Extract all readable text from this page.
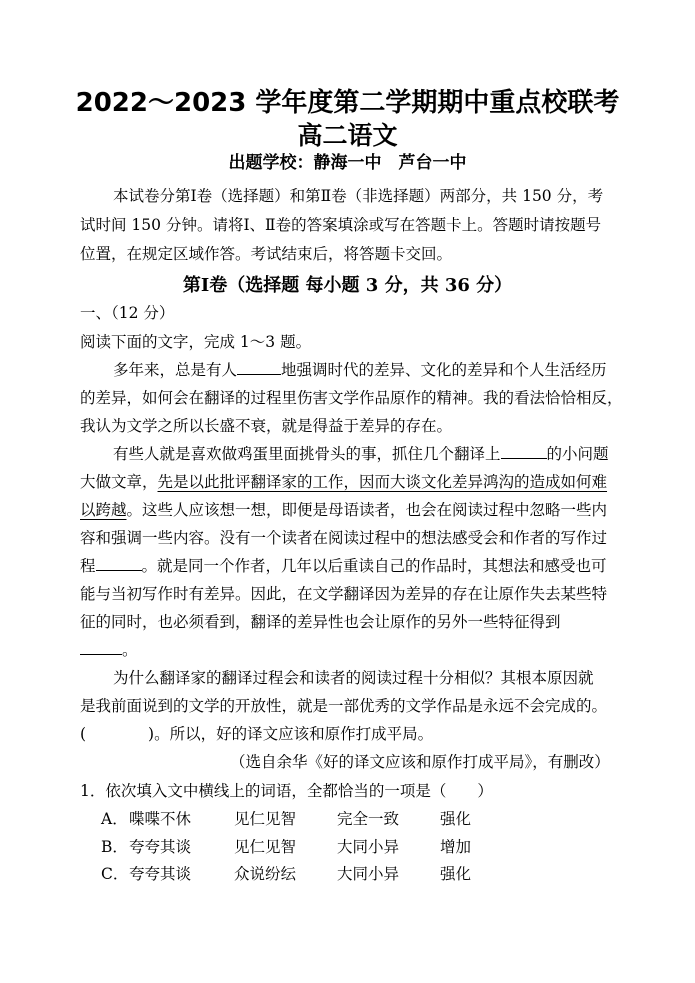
2022～2023 学年度第二学期期中重点校联考
高二语文
出题学校：静海一中　芦台一中
本试卷分第Ⅰ卷（选择题）和第Ⅱ卷（非选择题）两部分，共 150 分，考
试时间 150 分钟。请将Ⅰ、Ⅱ卷的答案填涂或写在答题卡上。答题时请按题号
位置，在规定区域作答。考试结束后，将答题卡交回。
第Ⅰ卷（选择题 每小题 3 分，共 36 分）
一、（12 分）
阅读下面的文字，完成 1～3 题。
多年来，总是有人	地强调时代的差异、文化的差异和个人生活经历
的差异，如何会在翻译的过程里伤害文学作品原作的精神。我的看法恰恰相反，
我认为文学之所以长盛不衰，就是得益于差异的存在。
有些人就是喜欢做鸡蛋里面挑骨头的事，抓住几个翻译上	的小问题
大做文章，先是以此批评翻译家的工作，因而大谈文化差异鸿沟的造成如何难
以跨越。这些人应该想一想，即便是母语读者，也会在阅读过程中忽略一些内
容和强调一些内容。没有一个读者在阅读过程中的想法感受会和作者的写作过
程	。就是同一个作者，几年以后重读自己的作品时，其想法和感受也可
能与当初写作时有差异。因此，在文学翻译因为差异的存在让原作失去某些特
征的同时，也必须看到，翻译的差异性也会让原作的另外一些特征得到
。
为什么翻译家的翻译过程会和读者的阅读过程十分相似？其根本原因就
是我前面说到的文学的开放性，就是一部优秀的文学作品是永远不会完成的。
(　　　　)。所以，好的译文应该和原作打成平局。
（选自余华《好的译文应该和原作打成平局》，有删改）
1．依次填入文中横线上的词语，全都恰当的一项是（　　）
A． 喋喋不休	见仁见智	完全一致	强化
B． 夸夸其谈	见仁见智	大同小异	增加
C． 夸夸其谈	众说纷纭	大同小异	强化
